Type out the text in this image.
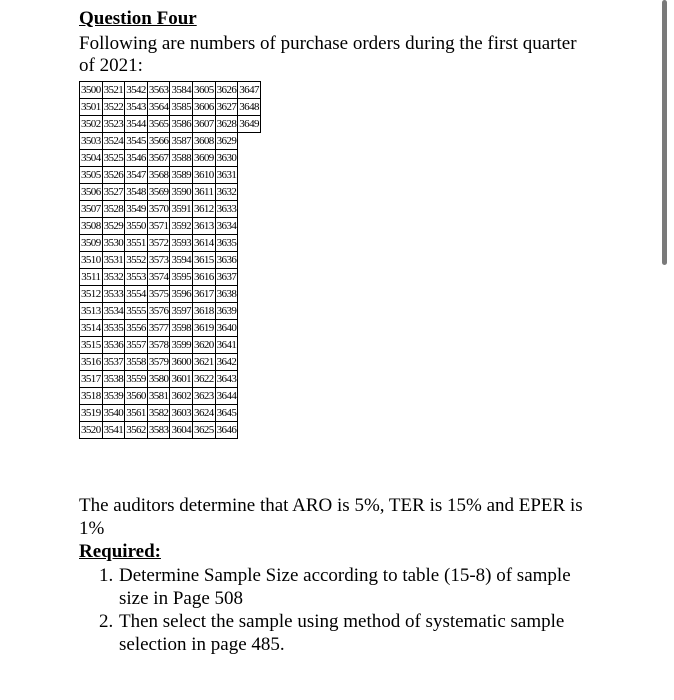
Question Four
Following are numbers of purchase orders during the first quarter of 2021:
3500	3521	3542	3563	3584	3605	3626	3647
3501	3522	3543	3564	3585	3606	3627	3648
3502	3523	3544	3565	3586	3607	3628	3649
3503	3524	3545	3566	3587	3608	3629	
3504	3525	3546	3567	3588	3609	3630	
3505	3526	3547	3568	3589	3610	3631	
3506	3527	3548	3569	3590	3611	3632	
3507	3528	3549	3570	3591	3612	3633	
3508	3529	3550	3571	3592	3613	3634	
3509	3530	3551	3572	3593	3614	3635	
3510	3531	3552	3573	3594	3615	3636	
3511	3532	3553	3574	3595	3616	3637	
3512	3533	3554	3575	3596	3617	3638	
3513	3534	3555	3576	3597	3618	3639	
3514	3535	3556	3577	3598	3619	3640	
3515	3536	3557	3578	3599	3620	3641	
3516	3537	3558	3579	3600	3621	3642	
3517	3538	3559	3580	3601	3622	3643	
3518	3539	3560	3581	3602	3623	3644	
3519	3540	3561	3582	3603	3624	3645	
3520	3541	3562	3583	3604	3625	3646	
The auditors determine that ARO is 5%, TER is 15% and EPER is 1%
Required:
1. Determine Sample Size according to table (15-8) of sample size in Page 508
2. Then select the sample using method of systematic sample selection in page 485.
